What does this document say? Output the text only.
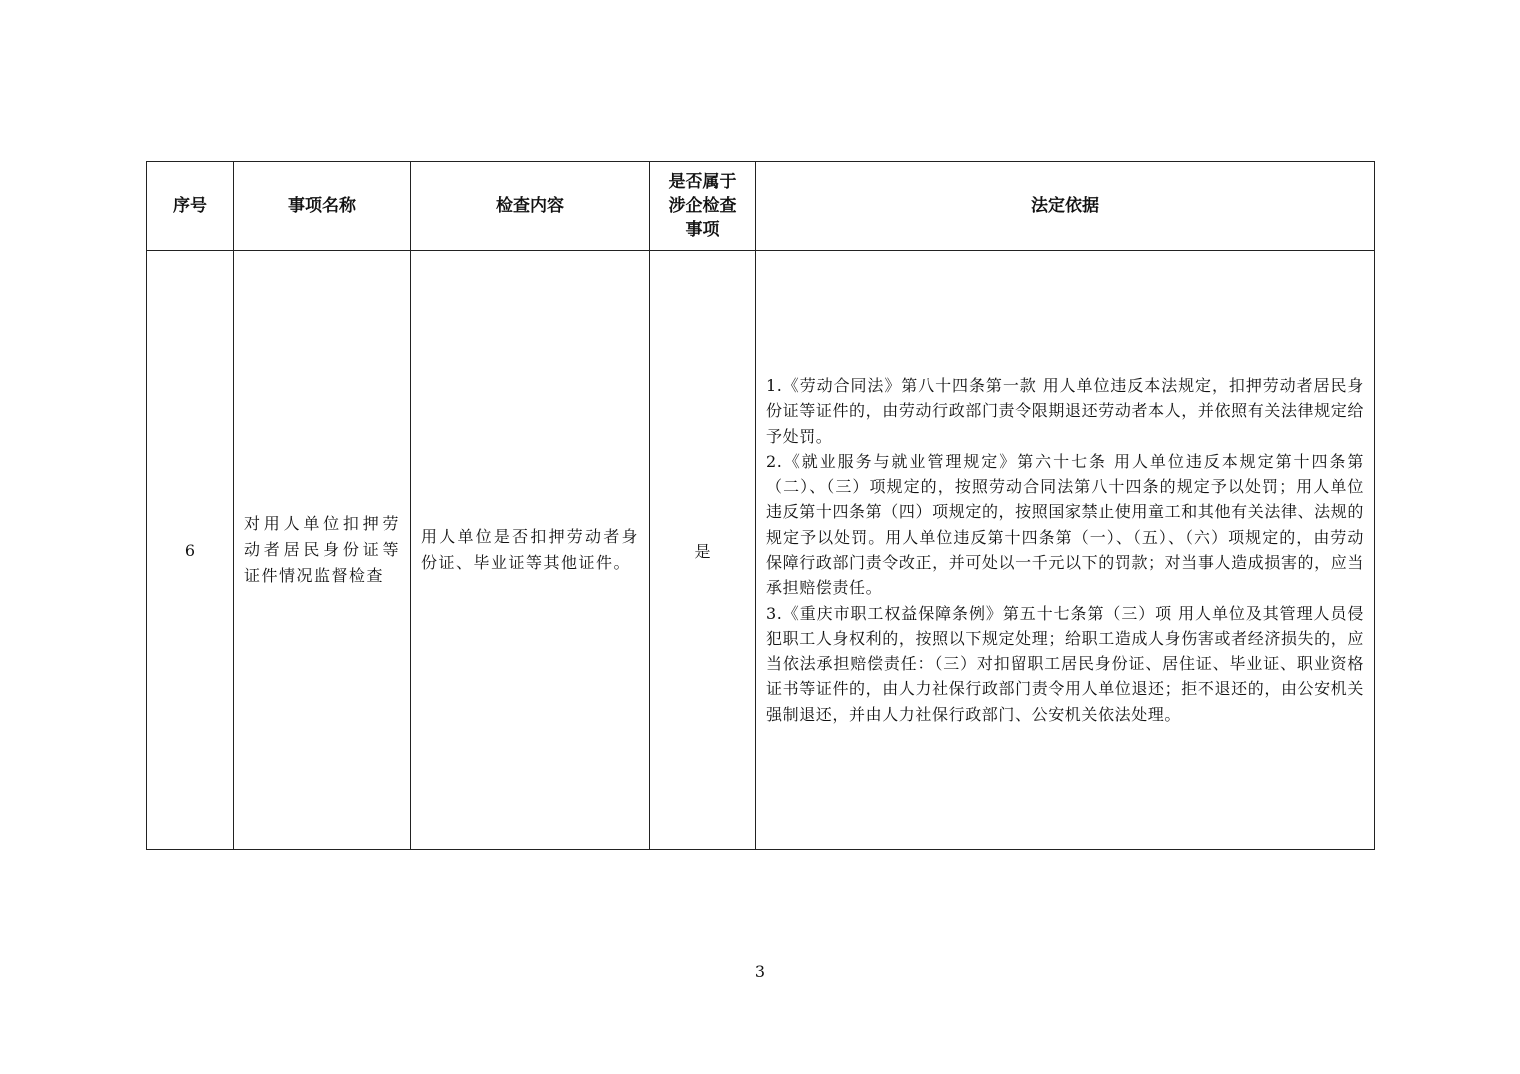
序号	事项名称	检查内容	是否属于涉企检查事项	法定依据
6	对用人单位扣押劳动者居民身份证等证件情况监督检查	用人单位是否扣押劳动者身份证、毕业证等其他证件。	是	1.《劳动合同法》第八十四条第一款 用人单位违反本法规定，扣押劳动者居民身份证等证件的，由劳动行政部门责令限期退还劳动者本人，并依照有关法律规定给予处罚。

2.《就业服务与就业管理规定》第六十七条 用人单位违反本规定第十四条第（二）、（三）项规定的，按照劳动合同法第八十四条的规定予以处罚；用人单位违反第十四条第（四）项规定的，按照国家禁止使用童工和其他有关法律、法规的规定予以处罚。用人单位违反第十四条第（一）、（五）、（六）项规定的，由劳动保障行政部门责令改正，并可处以一千元以下的罚款；对当事人造成损害的，应当承担赔偿责任。

3.《重庆市职工权益保障条例》第五十七条第（三）项 用人单位及其管理人员侵犯职工人身权利的，按照以下规定处理；给职工造成人身伤害或者经济损失的，应当依法承担赔偿责任：（三）对扣留职工居民身份证、居住证、毕业证、职业资格证书等证件的，由人力社保行政部门责令用人单位退还；拒不退还的，由公安机关强制退还，并由人力社保行政部门、公安机关依法处理。

3
